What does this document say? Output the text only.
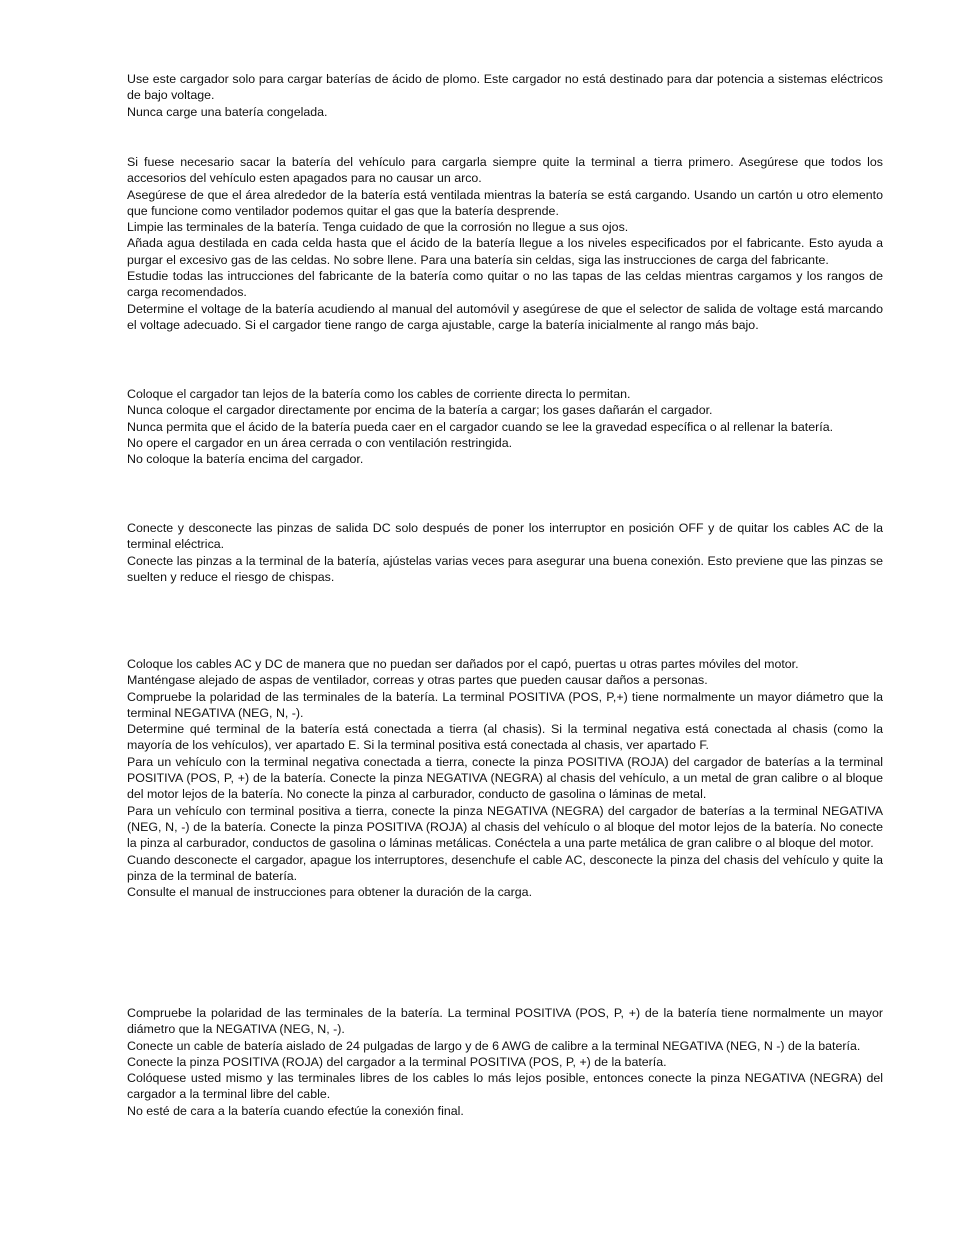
Use este cargador solo para cargar baterías de ácido de plomo. Este cargador no está destinado para dar potencia a sistemas eléctricos de bajo voltage.

Nunca carge una batería congelada.

Si fuese necesario sacar la batería del vehículo para cargarla siempre quite la terminal a tierra primero. Asegúrese que todos los accesorios del vehículo esten apagados para no causar un arco.

Asegúrese de que el área alrededor de la batería está ventilada mientras la batería se está cargando. Usando un cartón u otro elemento que funcione como ventilador podemos quitar el gas que la batería desprende.

Limpie las terminales de la batería. Tenga cuidado de que la corrosión no llegue a sus ojos.

Añada agua destilada en cada celda hasta que el ácido de la batería llegue a los niveles especificados por el fabricante. Esto ayuda a purgar el excesivo gas de las celdas. No sobre llene. Para una batería sin celdas, siga las instrucciones de carga del fabricante.

Estudie todas las intrucciones del fabricante de la batería como quitar o no las tapas de las celdas mientras cargamos y los rangos de carga recomendados.

Determine el voltage de la batería acudiendo al manual del automóvil y asegúrese de que el selector de salida de voltage está marcando el voltage adecuado. Si el cargador tiene rango de carga ajustable, carge la batería inicialmente al rango más bajo.

Coloque el cargador tan lejos de la batería como los cables de corriente directa lo permitan.

Nunca coloque el cargador directamente por encima de la batería a cargar; los gases dañarán el cargador.

Nunca permita que el ácido de la batería pueda caer en el cargador cuando se lee la gravedad específica o al rellenar la batería.

No opere el cargador en un área cerrada o con ventilación restringida.

No coloque la batería encima del cargador.

Conecte y desconecte las pinzas de salida DC solo después de poner los interruptor en posición OFF y de quitar los cables AC de la terminal eléctrica.

Conecte las pinzas a la terminal de la batería, ajústelas varias veces para asegurar una buena conexión. Esto previene que las pinzas se suelten y reduce el riesgo de chispas.

Coloque los cables AC y DC de manera que no puedan ser dañados por el capó, puertas u otras partes móviles del motor.

Manténgase alejado de aspas de ventilador, correas y otras partes que pueden causar daños a personas.

Compruebe la polaridad de las terminales de la batería. La terminal POSITIVA (POS, P,+) tiene normalmente un mayor diámetro que la terminal NEGATIVA (NEG, N, -).

Determine qué terminal de la batería está conectada a tierra (al chasis). Si la terminal negativa está conectada al chasis (como la mayoría de los vehículos), ver apartado E. Si la terminal positiva está conectada al chasis, ver apartado F.

Para un vehículo con la terminal negativa conectada a tierra, conecte la pinza POSITIVA (ROJA) del cargador de baterías a la terminal POSITIVA (POS, P, +) de la batería. Conecte la pinza NEGATIVA (NEGRA) al chasis del vehículo, a un metal de gran calibre o al bloque del motor lejos de la batería. No conecte la pinza al carburador, conducto de gasolina o láminas de metal.

Para un vehículo con terminal positiva a tierra, conecte la pinza NEGATIVA (NEGRA) del cargador de baterías a la terminal NEGATIVA (NEG, N, -) de la batería. Conecte la pinza POSITIVA (ROJA) al chasis del vehículo o al bloque del motor lejos de la batería. No conecte la pinza al carburador, conductos de gasolina o láminas metálicas. Conéctela a una parte metálica de gran calibre o al bloque del motor.

Cuando desconecte el cargador, apague los interruptores, desenchufe el cable AC, desconecte la pinza del chasis del vehículo y quite la pinza de la terminal de batería.

Consulte el manual de instrucciones para obtener la duración de la carga.

Compruebe la polaridad de las terminales de la batería. La terminal POSITIVA (POS, P, +) de la batería tiene normalmente un mayor diámetro que la NEGATIVA (NEG, N, -).

Conecte un cable de batería aislado de 24 pulgadas de largo y de 6 AWG de calibre a la terminal NEGATIVA (NEG, N -) de la batería.

Conecte la pinza POSITIVA (ROJA) del cargador a la terminal POSITIVA (POS, P, +) de la batería.

Colóquese usted mismo y las terminales libres de los cables lo más lejos posible, entonces conecte la pinza NEGATIVA (NEGRA) del cargador a la terminal libre del cable.

No esté de cara a la batería cuando efectúe la conexión final.
